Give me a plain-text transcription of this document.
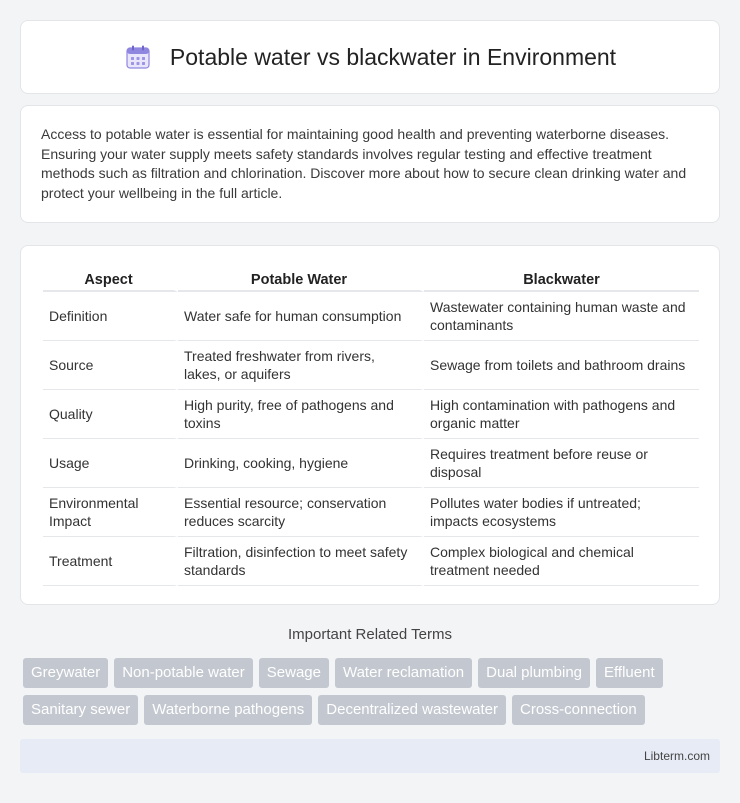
Potable water vs blackwater in Environment

Access to potable water is essential for maintaining good health and preventing waterborne diseases. Ensuring your water supply meets safety standards involves regular testing and effective treatment methods such as filtration and chlorination. Discover more about how to secure clean drinking water and protect your wellbeing in the full article.

Aspect	Potable Water	Blackwater
Definition	Water safe for human consumption	Wastewater containing human waste and contaminants
Source	Treated freshwater from rivers, lakes, or aquifers	Sewage from toilets and bathroom drains
Quality	High purity, free of pathogens and toxins	High contamination with pathogens and organic matter
Usage	Drinking, cooking, hygiene	Requires treatment before reuse or disposal
Environmental Impact	Essential resource; conservation reduces scarcity	Pollutes water bodies if untreated; impacts ecosystems
Treatment	Filtration, disinfection to meet safety standards	Complex biological and chemical treatment needed
Important Related Terms
Greywater	Non-potable water	Sewage	Water reclamation	Dual plumbing	Effluent
Sanitary sewer	Waterborne pathogens	Decentralized wastewater	Cross-connection
Libterm.com
